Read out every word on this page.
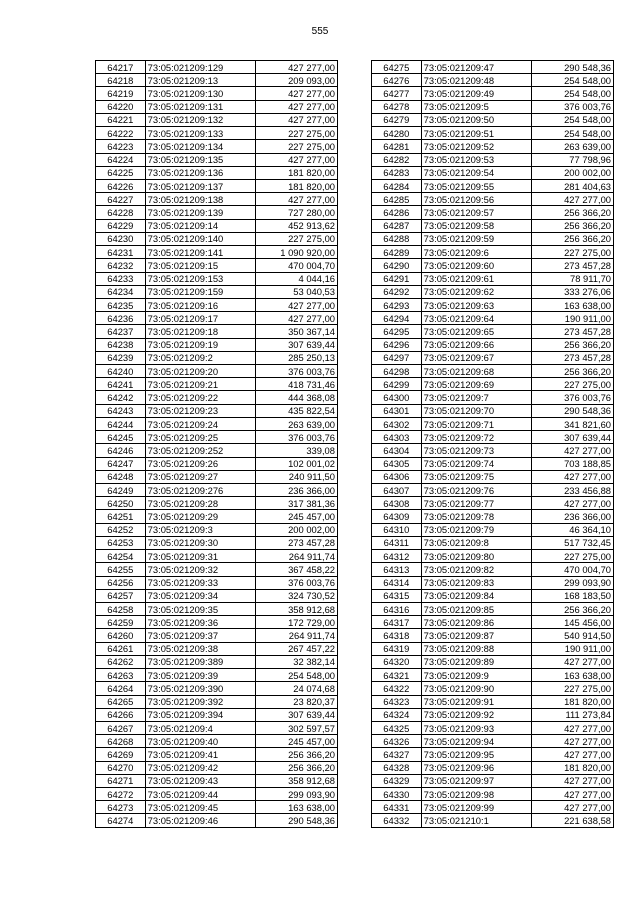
555
64217	73:05:021209:129	427 277,00
64218	73:05:021209:13	209 093,00
64219	73:05:021209:130	427 277,00
64220	73:05:021209:131	427 277,00
64221	73:05:021209:132	427 277,00
64222	73:05:021209:133	227 275,00
64223	73:05:021209:134	227 275,00
64224	73:05:021209:135	427 277,00
64225	73:05:021209:136	181 820,00
64226	73:05:021209:137	181 820,00
64227	73:05:021209:138	427 277,00
64228	73:05:021209:139	727 280,00
64229	73:05:021209:14	452 913,62
64230	73:05:021209:140	227 275,00
64231	73:05:021209:141	1 090 920,00
64232	73:05:021209:15	470 004,70
64233	73:05:021209:153	4 044,16
64234	73:05:021209:159	53 040,53
64235	73:05:021209:16	427 277,00
64236	73:05:021209:17	427 277,00
64237	73:05:021209:18	350 367,14
64238	73:05:021209:19	307 639,44
64239	73:05:021209:2	285 250,13
64240	73:05:021209:20	376 003,76
64241	73:05:021209:21	418 731,46
64242	73:05:021209:22	444 368,08
64243	73:05:021209:23	435 822,54
64244	73:05:021209:24	263 639,00
64245	73:05:021209:25	376 003,76
64246	73:05:021209:252	339,08
64247	73:05:021209:26	102 001,02
64248	73:05:021209:27	240 911,50
64249	73:05:021209:276	236 366,00
64250	73:05:021209:28	317 381,36
64251	73:05:021209:29	245 457,00
64252	73:05:021209:3	200 002,00
64253	73:05:021209:30	273 457,28
64254	73:05:021209:31	264 911,74
64255	73:05:021209:32	367 458,22
64256	73:05:021209:33	376 003,76
64257	73:05:021209:34	324 730,52
64258	73:05:021209:35	358 912,68
64259	73:05:021209:36	172 729,00
64260	73:05:021209:37	264 911,74
64261	73:05:021209:38	267 457,22
64262	73:05:021209:389	32 382,14
64263	73:05:021209:39	254 548,00
64264	73:05:021209:390	24 074,68
64265	73:05:021209:392	23 820,37
64266	73:05:021209:394	307 639,44
64267	73:05:021209:4	302 597,57
64268	73:05:021209:40	245 457,00
64269	73:05:021209:41	256 366,20
64270	73:05:021209:42	256 366,20
64271	73:05:021209:43	358 912,68
64272	73:05:021209:44	299 093,90
64273	73:05:021209:45	163 638,00
64274	73:05:021209:46	290 548,36
64275	73:05:021209:47	290 548,36
64276	73:05:021209:48	254 548,00
64277	73:05:021209:49	254 548,00
64278	73:05:021209:5	376 003,76
64279	73:05:021209:50	254 548,00
64280	73:05:021209:51	254 548,00
64281	73:05:021209:52	263 639,00
64282	73:05:021209:53	77 798,96
64283	73:05:021209:54	200 002,00
64284	73:05:021209:55	281 404,63
64285	73:05:021209:56	427 277,00
64286	73:05:021209:57	256 366,20
64287	73:05:021209:58	256 366,20
64288	73:05:021209:59	256 366,20
64289	73:05:021209:6	227 275,00
64290	73:05:021209:60	273 457,28
64291	73:05:021209:61	78 911,70
64292	73:05:021209:62	333 276,06
64293	73:05:021209:63	163 638,00
64294	73:05:021209:64	190 911,00
64295	73:05:021209:65	273 457,28
64296	73:05:021209:66	256 366,20
64297	73:05:021209:67	273 457,28
64298	73:05:021209:68	256 366,20
64299	73:05:021209:69	227 275,00
64300	73:05:021209:7	376 003,76
64301	73:05:021209:70	290 548,36
64302	73:05:021209:71	341 821,60
64303	73:05:021209:72	307 639,44
64304	73:05:021209:73	427 277,00
64305	73:05:021209:74	703 188,85
64306	73:05:021209:75	427 277,00
64307	73:05:021209:76	233 456,88
64308	73:05:021209:77	427 277,00
64309	73:05:021209:78	236 366,00
64310	73:05:021209:79	46 364,10
64311	73:05:021209:8	517 732,45
64312	73:05:021209:80	227 275,00
64313	73:05:021209:82	470 004,70
64314	73:05:021209:83	299 093,90
64315	73:05:021209:84	168 183,50
64316	73:05:021209:85	256 366,20
64317	73:05:021209:86	145 456,00
64318	73:05:021209:87	540 914,50
64319	73:05:021209:88	190 911,00
64320	73:05:021209:89	427 277,00
64321	73:05:021209:9	163 638,00
64322	73:05:021209:90	227 275,00
64323	73:05:021209:91	181 820,00
64324	73:05:021209:92	111 273,84
64325	73:05:021209:93	427 277,00
64326	73:05:021209:94	427 277,00
64327	73:05:021209:95	427 277,00
64328	73:05:021209:96	181 820,00
64329	73:05:021209:97	427 277,00
64330	73:05:021209:98	427 277,00
64331	73:05:021209:99	427 277,00
64332	73:05:021210:1	221 638,58
